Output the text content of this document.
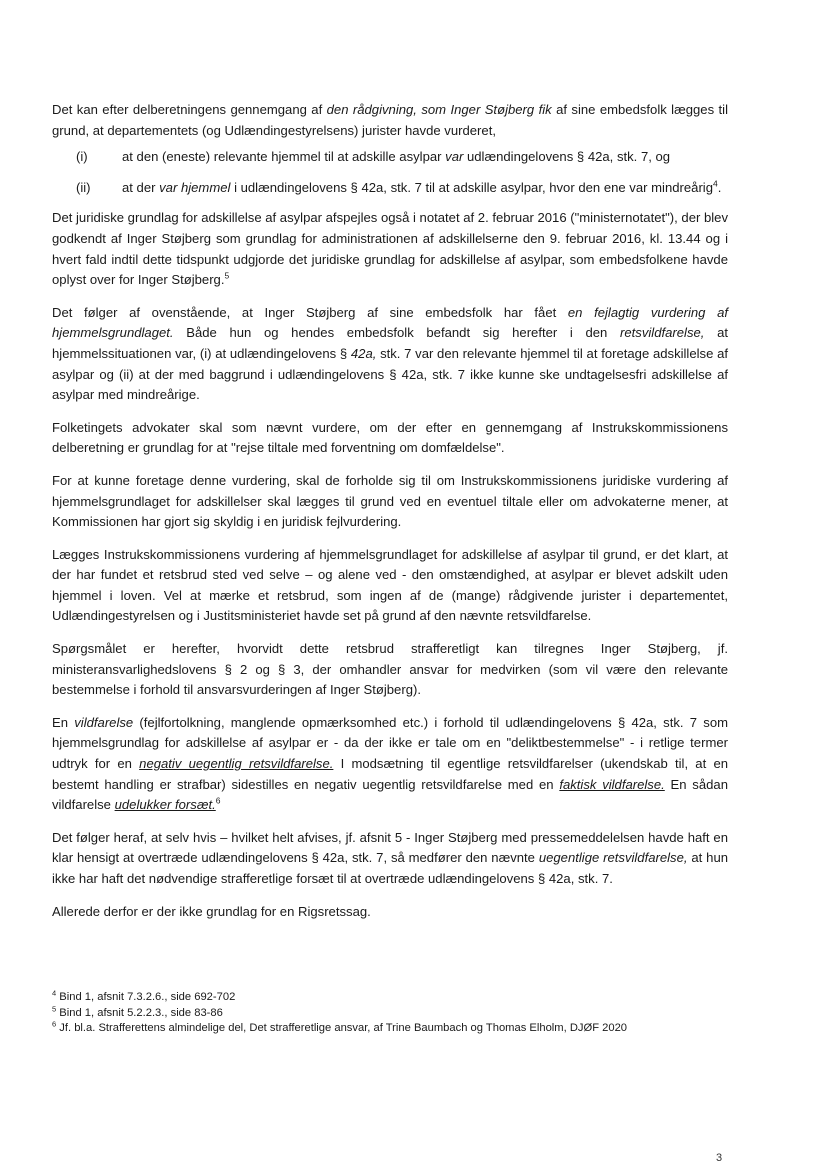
Det kan efter delberetningens gennemgang af den rådgivning, som Inger Støjberg fik af sine embedsfolk lægges til grund, at departementets (og Udlændingestyrelsens) jurister havde vurderet,

(i)	at den (eneste) relevante hjemmel til at adskille asylpar var udlændingelovens § 42a, stk. 7, og
(ii)	at der var hjemmel i udlændingelovens § 42a, stk. 7 til at adskille asylpar, hvor den ene var mindreårig$^4$.

Det juridiske grundlag for adskillelse af asylpar afspejles også i notatet af 2. februar 2016 ("ministernotatet"), der blev godkendt af Inger Støjberg som grundlag for administrationen af adskillelserne den 9. februar 2016, kl. 13.44 og i hvert fald indtil dette tidspunkt udgjorde det juridiske grundlag for adskillelse af asylpar, som embedsfolkene havde oplyst over for Inger Støjberg.$^5$

Det følger af ovenstående, at Inger Støjberg af sine embedsfolk har fået en fejlagtig vurdering af hjemmelsgrundlaget. Både hun og hendes embedsfolk befandt sig herefter i den retsvildfarelse, at hjemmelssituationen var, (i) at udlændingelovens § 42a, stk. 7 var den relevante hjemmel til at foretage adskillelse af asylpar og (ii) at der med baggrund i udlændingelovens § 42a, stk. 7 ikke kunne ske undtagelsesfri adskillelse af asylpar med mindreårige.

Folketingets advokater skal som nævnt vurdere, om der efter en gennemgang af Instrukskommissionens delberetning er grundlag for at "rejse tiltale med forventning om domfældelse".

For at kunne foretage denne vurdering, skal de forholde sig til om Instrukskommissionens juridiske vurdering af hjemmelsgrundlaget for adskillelser skal lægges til grund ved en eventuel tiltale eller om advokaterne mener, at Kommissionen har gjort sig skyldig i en juridisk fejlvurdering.

Lægges Instrukskommissionens vurdering af hjemmelsgrundlaget for adskillelse af asylpar til grund, er det klart, at der har fundet et retsbrud sted ved selve – og alene ved - den omstændighed, at asylpar er blevet adskilt uden hjemmel i loven. Vel at mærke et retsbrud, som ingen af de (mange) rådgivende jurister i departementet, Udlændingestyrelsen og i Justitsministeriet havde set på grund af den nævnte retsvildfarelse.

Spørgsmålet er herefter, hvorvidt dette retsbrud strafferetligt kan tilregnes Inger Støjberg, jf. ministeransvarlighedslovens § 2 og § 3, der omhandler ansvar for medvirken (som vil være den relevante bestemmelse i forhold til ansvarsvurderingen af Inger Støjberg).

En vildfarelse (fejlfortolkning, manglende opmærksomhed etc.) i forhold til udlændingelovens § 42a, stk. 7 som hjemmelsgrundlag for adskillelse af asylpar er - da der ikke er tale om en "deliktbestemmelse" - i retlige termer udtryk for en negativ uegentlig retsvildfarelse. I modsætning til egentlige retsvildfarelser (ukendskab til, at en bestemt handling er strafbar) sidestilles en negativ uegentlig retsvildfarelse med en faktisk vildfarelse. En sådan vildfarelse udelukker forsæt.$^6$

Det følger heraf, at selv hvis – hvilket helt afvises, jf. afsnit 5 - Inger Støjberg med pressemeddelelsen havde haft en klar hensigt at overtræde udlændingelovens § 42a, stk. 7, så medfører den nævnte uegentlige retsvildfarelse, at hun ikke har haft det nødvendige strafferetlige forsæt til at overtræde udlændingelovens § 42a, stk. 7.

Allerede derfor er der ikke grundlag for en Rigsretssag.

$^4$ Bind 1, afsnit 7.3.2.6., side 692-702
$^5$ Bind 1, afsnit 5.2.2.3., side 83-86
$^6$ Jf. bl.a. Strafferettens almindelige del, Det strafferetlige ansvar, af Trine Baumbach og Thomas Elholm, DJØF 2020
3
